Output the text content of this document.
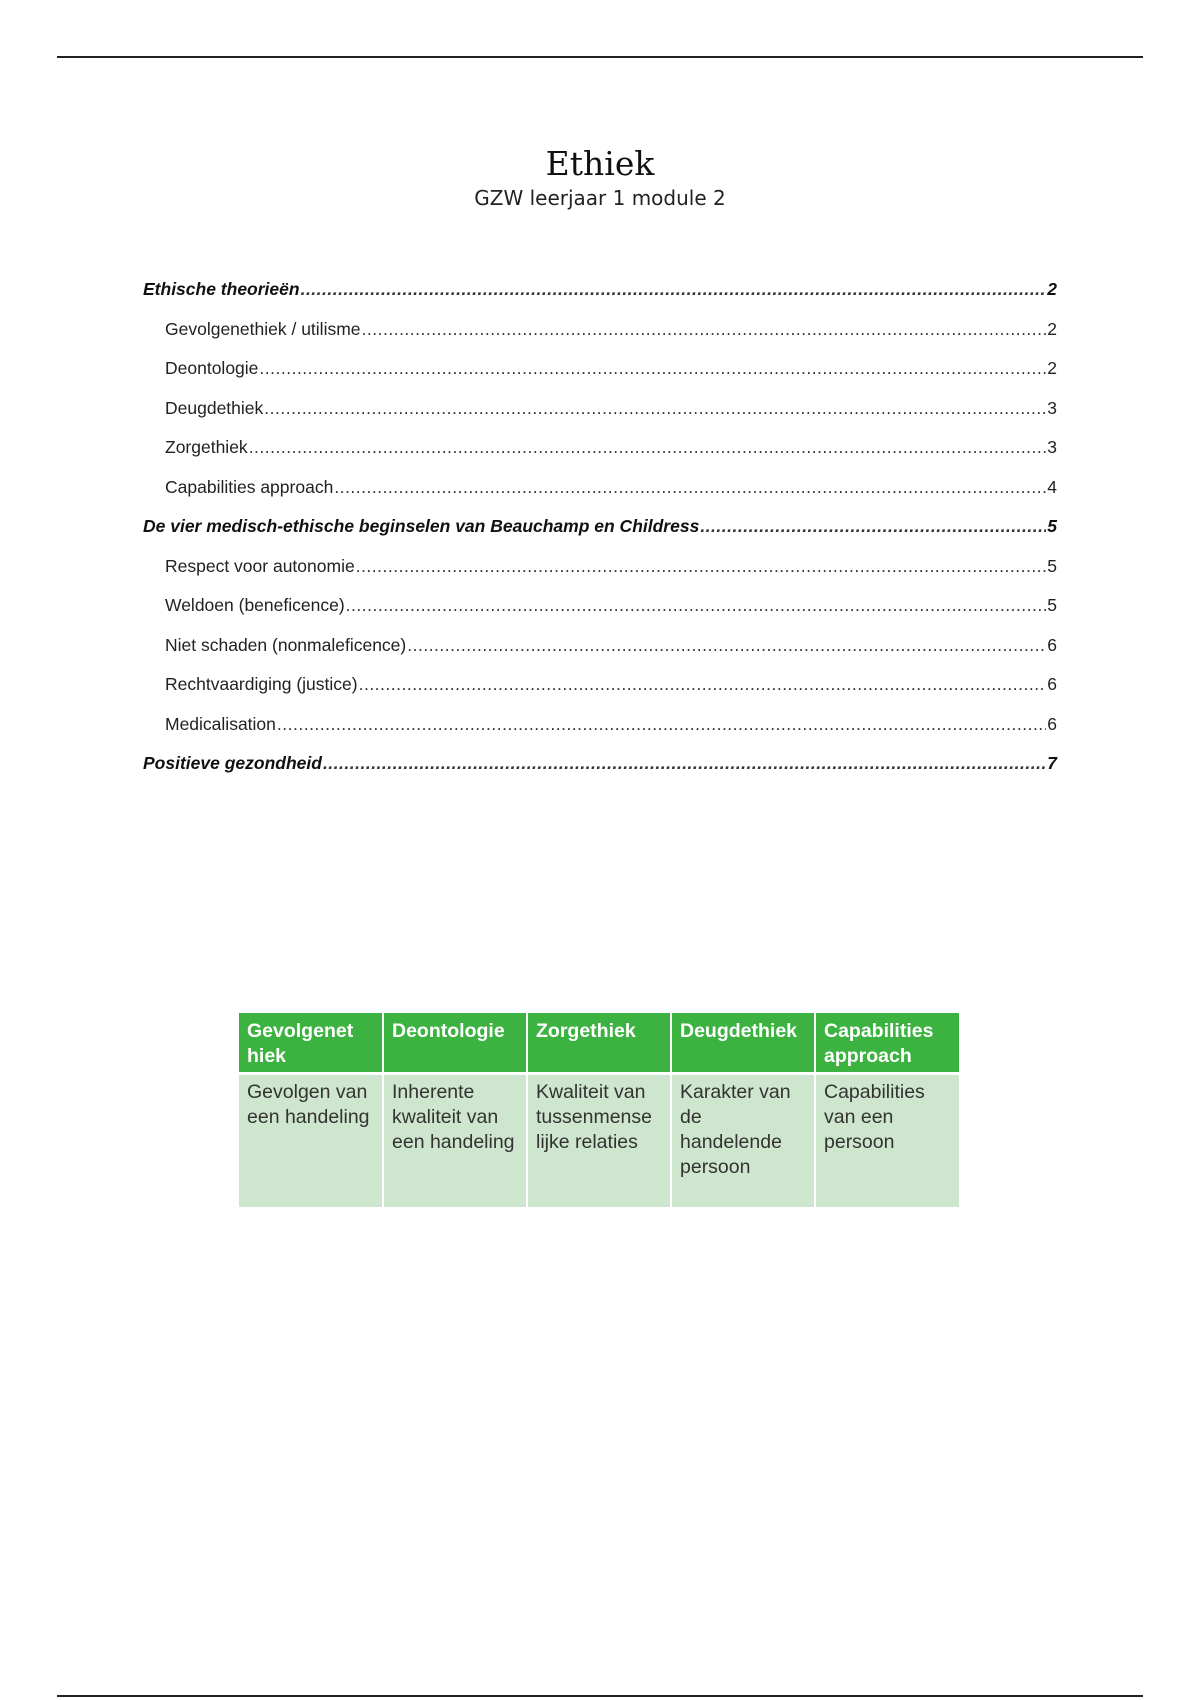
Ethiek
GZW leerjaar 1 module 2
Ethische theorieën .....	2
Gevolgenethiek / utilisme .....	2
Deontologie .....	2
Deugdethiek .....	3
Zorgethiek .....	3
Capabilities approach .....	4
De vier medisch-ethische beginselen van Beauchamp en Childress .....	5
Respect voor autonomie .....	5
Weldoen (beneficence) .....	5
Niet schaden (nonmaleficence) .....	6
Rechtvaardiging (justice) .....	6
Medicalisation .....	6
Positieve gezondheid .....	7
Gevolgenet hiek	Deontologie	Zorgethiek	Deugdethiek	Capabilities approach
Gevolgen van een handeling	Inherente kwaliteit van een handeling	Kwaliteit van tussenmense lijke relaties	Karakter van de handelende persoon	Capabilities van een persoon
